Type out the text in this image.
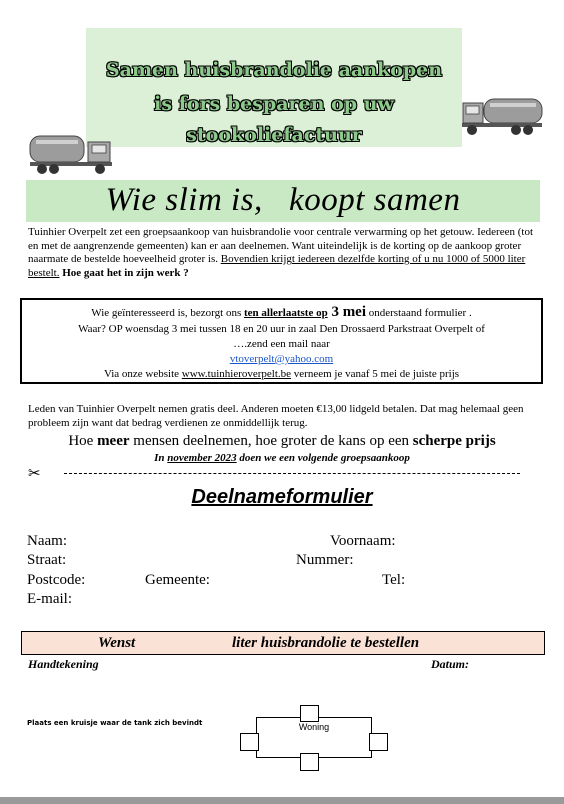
Samen huisbrandolie aankopen
is fors besparen op uw
stookoliefactuur
Wie slim is,   koopt samen
Tuinhier Overpelt zet een groepsaankoop van huisbrandolie voor centrale verwarming op het getouw. Iedereen (tot en met de aangrenzende gemeenten) kan er aan deelnemen. Want uiteindelijk is de korting op de aankoop groter naarmate de bestelde hoeveelheid groter is. Bovendien krijgt iedereen dezelfde korting of u nu 1000 of 5000 liter bestelt. Hoe gaat het in zijn werk ?
Wie geïnteresseerd is, bezorgt ons ten allerlaatste op 3 mei onderstaand formulier .
Waar? OP woensdag 3 mei tussen 18 en 20 uur in zaal Den Drossaerd Parkstraat Overpelt of
….zend een mail naar
vtoverpelt@yahoo.com
Via onze website www.tuinhieroverpelt.be verneem je vanaf 5 mei de juiste prijs
Leden van Tuinhier Overpelt nemen gratis deel. Anderen moeten €13,00 lidgeld betalen. Dat mag helemaal geen probleem zijn want dat bedrag verdienen ze onmiddellijk terug.
Hoe meer mensen deelnemen, hoe groter de kans op een scherpe prijs
In november 2023 doen we een volgende groepsaankoop
✂
Deelnameformulier
Naam:	Voornaam:
Straat:	Nummer:
Postcode:	Gemeente:	Tel:
E-mail:
Wenst	liter huisbrandolie te bestellen
Handtekening	Datum:
Plaats een kruisje waar de tank zich bevindt	Woning
